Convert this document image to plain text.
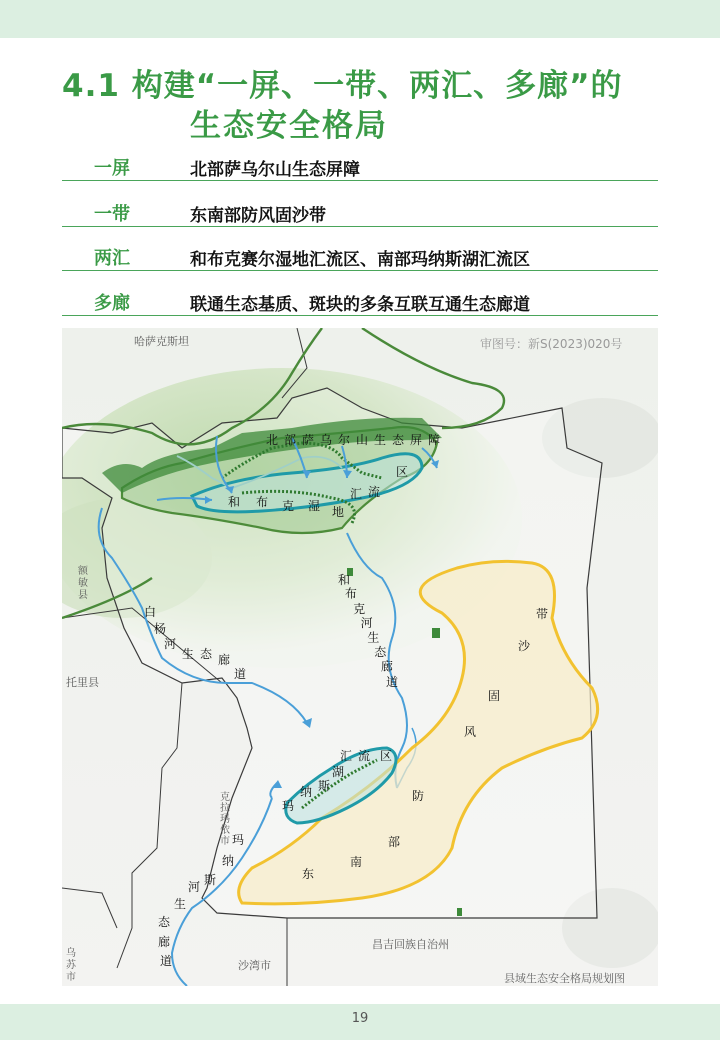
4.1 构建“一屏、一带、两汇、多廊”的
生态安全格局
一屏	北部萨乌尔山生态屏障
一带	东南部防风固沙带
两汇	和布克赛尔湿地汇流区、南部玛纳斯湖汇流区
多廊	联通生态基质、斑块的多条互联互通生态廊道
哈萨克斯坦
托里县
沙湾市
昌吉回族自治州
审图号：新S(2023)020号
县域生态安全格局规划图
额敏县
克拉玛依市
乌苏市
北 部 萨 乌 尔 山 生 态 屏 障
和 布 克 湿 地汇 流区
和布克河生态廊道
白杨河生 态 廊道
玛纳斯河生态廊道
玛纳 斯湖汇 流 区
东南部防风固沙带
19
